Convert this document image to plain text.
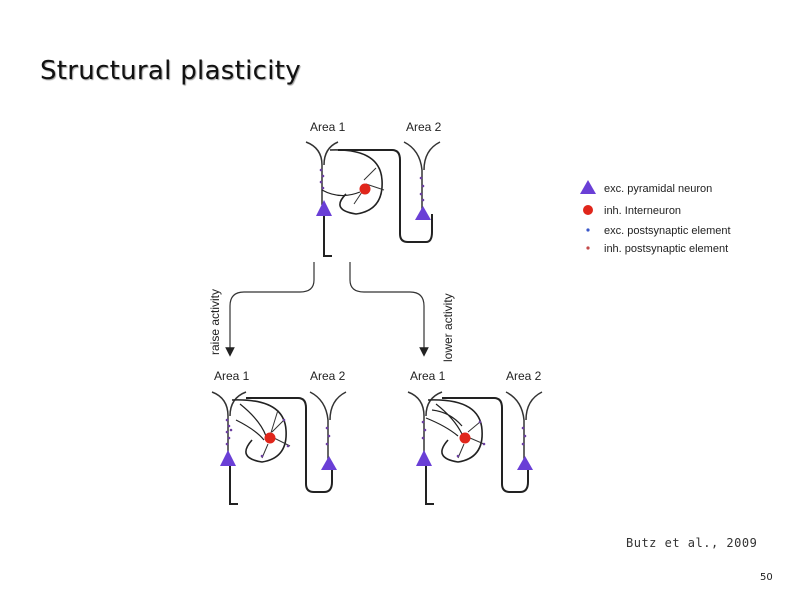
Structural plasticity
Area 1	Area 2
raise activity	lower activity
Area 1	Area 2	Area 1	Area 2
exc. pyramidal neuron
inh. Interneuron
exc. postsynaptic element
inh. postsynaptic element
Butz et al., 2009
50
